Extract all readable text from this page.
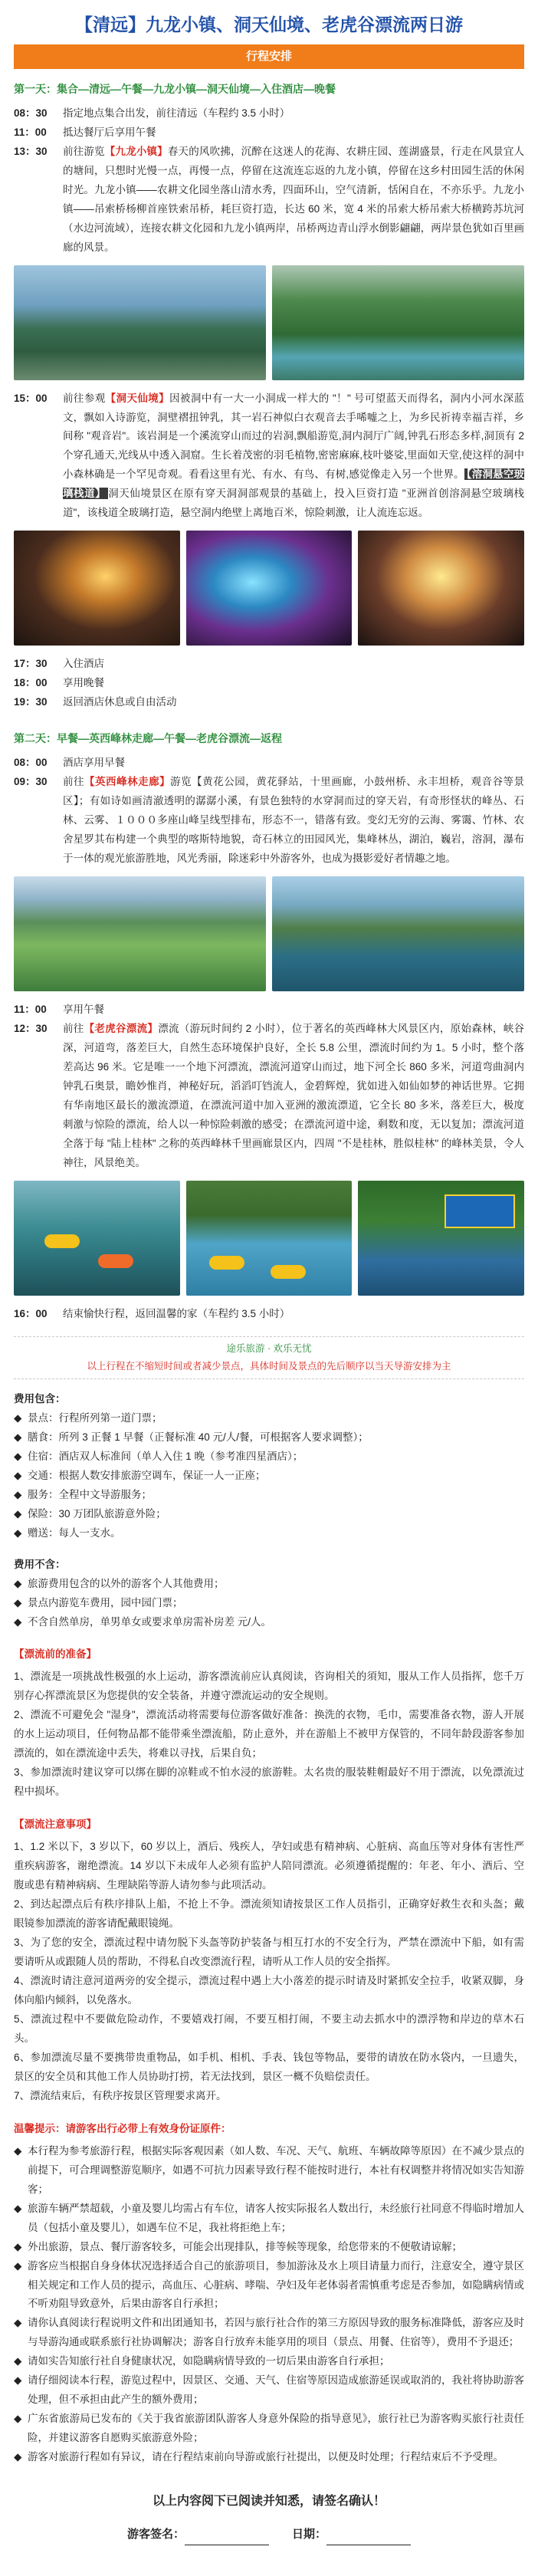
【清远】九龙小镇、洞天仙境、老虎谷漂流两日游
行程安排
第一天：集合—清远—午餐—九龙小镇—洞天仙境—入住酒店—晚餐
08：30	指定地点集合出发，前往清远（车程约 3.5 小时）
11：00	抵达餐厅后享用午餐
13：30	前往游览【九龙小镇】春天的风吹拂，沉醉在这迷人的花海、农耕庄园、莲湖盛景，行走在风景宜人的塘间，只想时光慢一点，再慢一点，停留在这流连忘返的九龙小镇，停留在这乡村田园生活的休闲时光。九龙小镇——农耕文化园坐落山清水秀，四面环山，空气清新，恬闲自在，不亦乐乎。九龙小镇——吊索桥杨柳首座铁索吊桥，耗巨资打造，长达 60 米，宽 4 米的吊索大桥吊索大桥横跨苏坑河（水边河流域），连接农耕文化园和九龙小镇两岸，吊桥两边青山浮水倒影翩翩，两岸景色犹如百里画廊的风景。
15：00	前往参观【洞天仙境】因被洞中有一大一小洞成一样大的 "！" 号可望蓝天而得名，洞内小河水深蓝文，飘如入诗游览，洞壁褶扭钟乳，其一岩石神似白衣观音去手唏嘘之上，为乡民祈祷幸福吉祥，乡间称 "观音岩"。该岩洞是一个溪流穿山而过的岩洞,飘船游览,洞内洞厅广阔,钟乳石形态多样,洞顶有 2 个穿孔通天,光线从中透入洞窟。生长着茂密的羽毛植物,密密麻麻,枝叶婆娑,里面如天堂,使这样的洞中小森林确是一个罕见奇观。看看这里有光、有水、有鸟、有树,感觉像走入另一个世界。 【溶洞悬空玻璃栈道】 洞天仙境景区在原有穿天洞洞部观景的基础上，投入巨资打造 "亚洲首创溶洞悬空玻璃栈道"，该栈道全玻璃打造，悬空洞内绝壁上离地百米，惊险刺激，让人流连忘返。
17：30	入住酒店
18：00	享用晚餐
19：30	返回酒店休息或自由活动
第二天：早餐—英西峰林走廊—午餐—老虎谷漂流—返程
08：00	酒店享用早餐
09：30	前往【英西峰林走廊】游览【黄花公园，黄花驿站，十里画廊，小鼓州桥、永丰坦桥，观音谷等景区】；有如诗如画清澈透明的潺潺小溪，有景色独特的水穿洞而过的穿天岩，有奇形怪状的峰丛、石林、云雾、１０００多座山峰呈线型排布，形态不一，错落有致。变幻无穷的云海、雾霭、竹林、农舍星罗其布构建一个典型的喀斯特地貌，奇石林立的田园风光，集峰林丛，湖泊，巍岩，溶洞，瀑布于一体的观光旅游胜地，风光秀丽，除迷彩中外游客外，也成为摄影爱好者情趣之地。
11：00	享用午餐
12：30	前往【老虎谷漂流】漂流（游玩时间约 2 小时），位于著名的英西峰林大风景区内，原始森林，峡谷深，河道弯，落差巨大，自然生态环境保护良好，全长 5.8 公里，漂流时间约为 1。5 小时，整个落差高达 96 米。它是唯一一个地下河漂流，漂流河道穿山而过，地下河全长 860 多米，河道弯曲洞内钟乳石奥景，瞻妙惟肖，神秘好玩，滔滔叮铛流人，金碧辉煌，犹如进入如仙如梦的神话世界。它拥有华南地区最长的激流漂道，在漂流河道中加入亚洲的激流漂道，它全长 80 多米，落差巨大，极度刺激与惊险的漂流，给人以一种惊险刺激的感受；在漂流河道中途，剩数和度，无以复加；漂流河道全落于每 "陆上桂林" 之称的英西峰林千里画廊景区内，四周 "不是桂林，胜似桂林" 的峰林美景，令人神往，风景绝美。
16：00	结束愉快行程，返回温馨的家（车程约 3.5 小时）
途乐旅游 · 欢乐无忧
以上行程在不缩短时间或者减少景点，具体时间及景点的先后顺序以当天导游安排为主
费用包含：
◆ 景点：行程所列第一道门票；
◆ 膳食：所列 3 正餐 1 早餐（正餐标准 40 元/人/餐，可根据客人要求调整）；
◆ 住宿：酒店双人标准间（单人入住 1 晚（参考准四星酒店）；
◆ 交通：根据人数安排旅游空调车，保证一人一正座；
◆ 服务：全程中文导游服务；
◆ 保险：30 万团队旅游意外险；
◆ 赠送：每人一支水。
费用不含：
◆ 旅游费用包含的以外的游客个人其他费用；
◆ 景点内游览车费用，园中园门票；
◆ 不含自然单房，单男单女或要求单房需补房差 元/人。
【漂流前的准备】
1、漂流是一项挑战性极强的水上运动，游客漂流前应认真阅读，咨询相关的須知，服从工作人员指挥，您千万别存心挥漂流景区为您提供的安全装备，并遵守漂流运动的安全规则。
2、漂流不可避免会 "湿身"，漂流活动将需要每位游客做好准备：换洗的衣物，毛巾，需要准备衣物，游人开展的水上运动项目，任何物品都不能带乘坐漂流船，防止意外，并在游船上不被甲方保管的，不同年龄段游客参加漂流的，如在漂流途中丢失，将难以寻找，后果自负；
3、参加漂流时建议穿可以绑在脚的凉鞋或不怕水浸的旅游鞋。太名贵的服装鞋帽最好不用于漂流，以免漂流过程中损坏。
【漂流注意事项】
1、1.2 米以下，3 岁以下，60 岁以上，酒后、残疾人，孕妇或患有精神病、心脏病、高血压等对身体有害性严重疾病游客，谢绝漂流。14 岁以下未成年人必须有监护人陪同漂流。必须遵循提醒的：年老、年小、酒后、空腹或患有精神病病、生理缺陷等游人请勿参与此项活动。
2、到达起漂点后有秩序排队上船，不抢上不争。漂流须知请按景区工作人员指引，正确穿好救生衣和头盔；戴眼镜参加漂流的游客请配戴眼镜绳。
3、为了您的安全，漂流过程中请勿脱下头盔等防护装备与相互打水的不安全行为，严禁在漂流中下船，如有需要请听从或跟随人员的帮助，不得私自改变漂流行程，请听从工作人员的安全指挥。
4、漂流时请注意河道两旁的安全提示，漂流过程中遇上大小落差的提示时请及时紧抓安全拉手，收紧双脚，身体向船内倾斜，以免落水。
5、漂流过程中不要做危险动作，不要嬉戏打闹，不要互相打闹，不要主动去抓水中的漂浮物和岸边的草木石头。
6、参加漂流尽量不要携带贵重物品，如手机、相机、手表、钱包等物品，要带的请放在防水袋内，一旦遗失，景区的安全员和其他工作人员协助打捞，若无法找到，景区一概不负赔偿责任。
7、漂流结束后，有秩序按景区管理要求离开。
温馨提示：请游客出行必带上有效身份证原件：
◆ 本行程为参考旅游行程，根据实际客观因素（如人数、车况、天气、航班、车辆故障等原因）在不减少景点的前提下，可合理调整游览顺序，如遇不可抗力因素导致行程不能按时进行，本社有权调整并将情况如实告知游客；
◆ 旅游车辆严禁超载，小童及婴儿均需占有车位，请客人按实际报名人数出行，未经旅行社同意不得临时增加人员（包括小童及婴儿），如遇车位不足，我社将拒绝上车；
◆ 外出旅游，景点、餐厅游客较多，可能会出现排队，排等候等现象，给您带来的不便敬请谅解；
◆ 游客应当根据自身身体状况选择适合自己的旅游项目，参加游泳及水上项目请量力而行，注意安全，遵守景区相关规定和工作人员的提示，高血压、心脏病、哮喘、孕妇及年老体弱者需慎重考虑是否参加，如隐瞒病情或不听劝阻导致意外，后果由游客自行承担；
◆ 请你认真阅读行程说明文件和出团通知书，若因与旅行社合作的第三方原因导致的服务标准降低，游客应及时与导游沟通或联系旅行社协调解决；游客自行放弃未能享用的项目（景点、用餐、住宿等），费用不予退还；
◆ 请如实告知旅行社自身健康状况，如隐瞒病情导致的一切后果由游客自行承担；
◆ 请仔细阅读本行程，游览过程中，因景区、交通、天气、住宿等原因造成旅游延误或取消的，我社将协助游客处理，但不承担由此产生的额外费用；
◆ 广东省旅游局已发布的《关于我省旅游团队游客人身意外保险的指导意见》，旅行社已为游客购买旅行社责任险，并建议游客自愿购买旅游意外险；
◆ 游客对旅游行程如有异议，请在行程结束前向导游或旅行社提出，以便及时处理；行程结束后不予受理。
以上内容阅下已阅读并知悉，请签名确认！
游客签名：	日期：
